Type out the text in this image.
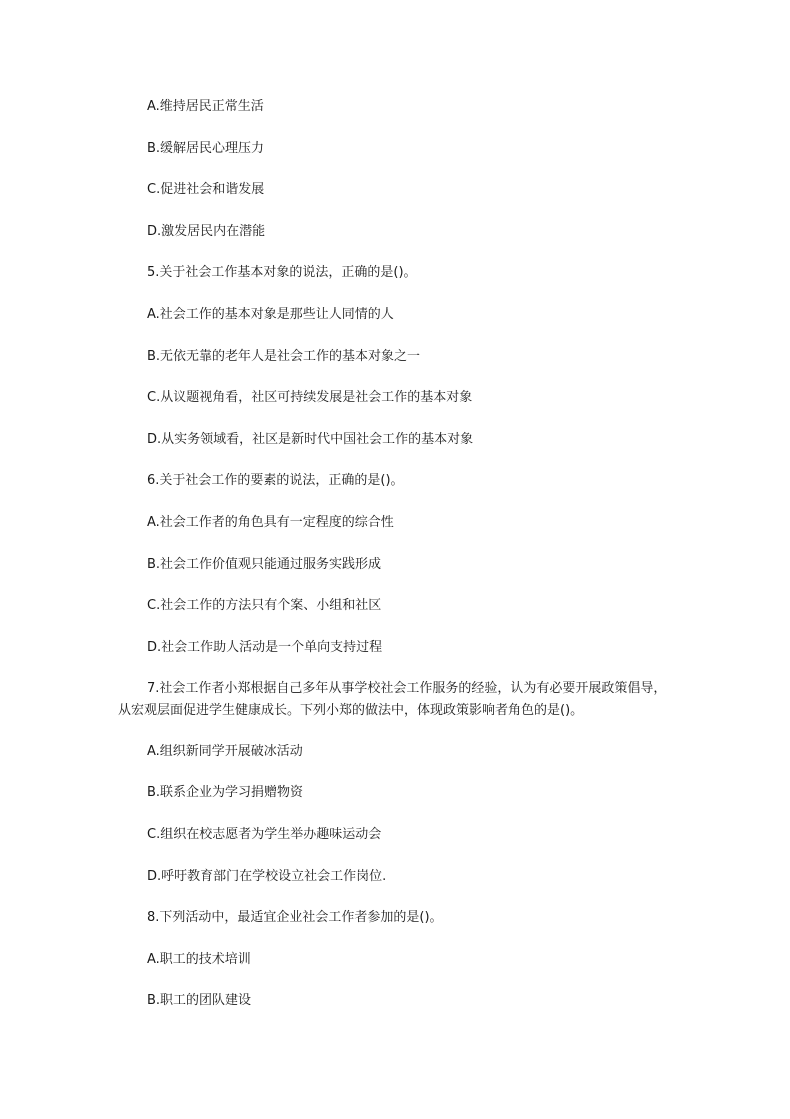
A.维持居民正常生活
B.缓解居民心理压力
C.促进社会和谐发展
D.激发居民内在潜能
5.关于社会工作基本对象的说法，正确的是()。
A.社会工作的基本对象是那些让人同情的人
B.无依无靠的老年人是社会工作的基本对象之一
C.从议题视角看，社区可持续发展是社会工作的基本对象
D.从实务领域看，社区是新时代中国社会工作的基本对象
6.关于社会工作的要素的说法，正确的是()。
A.社会工作者的角色具有一定程度的综合性
B.社会工作价值观只能通过服务实践形成
C.社会工作的方法只有个案、小组和社区
D.社会工作助人活动是一个单向支持过程
7.社会工作者小郑根据自己多年从事学校社会工作服务的经验，认为有必要开展政策倡导，从宏观层面促进学生健康成长。下列小郑的做法中，体现政策影响者角色的是()。
A.组织新同学开展破冰活动
B.联系企业为学习捐赠物资
C.组织在校志愿者为学生举办趣味运动会
D.呼吁教育部门在学校设立社会工作岗位.
8.下列活动中，最适宜企业社会工作者参加的是()。
A.职工的技术培训
B.职工的团队建设
